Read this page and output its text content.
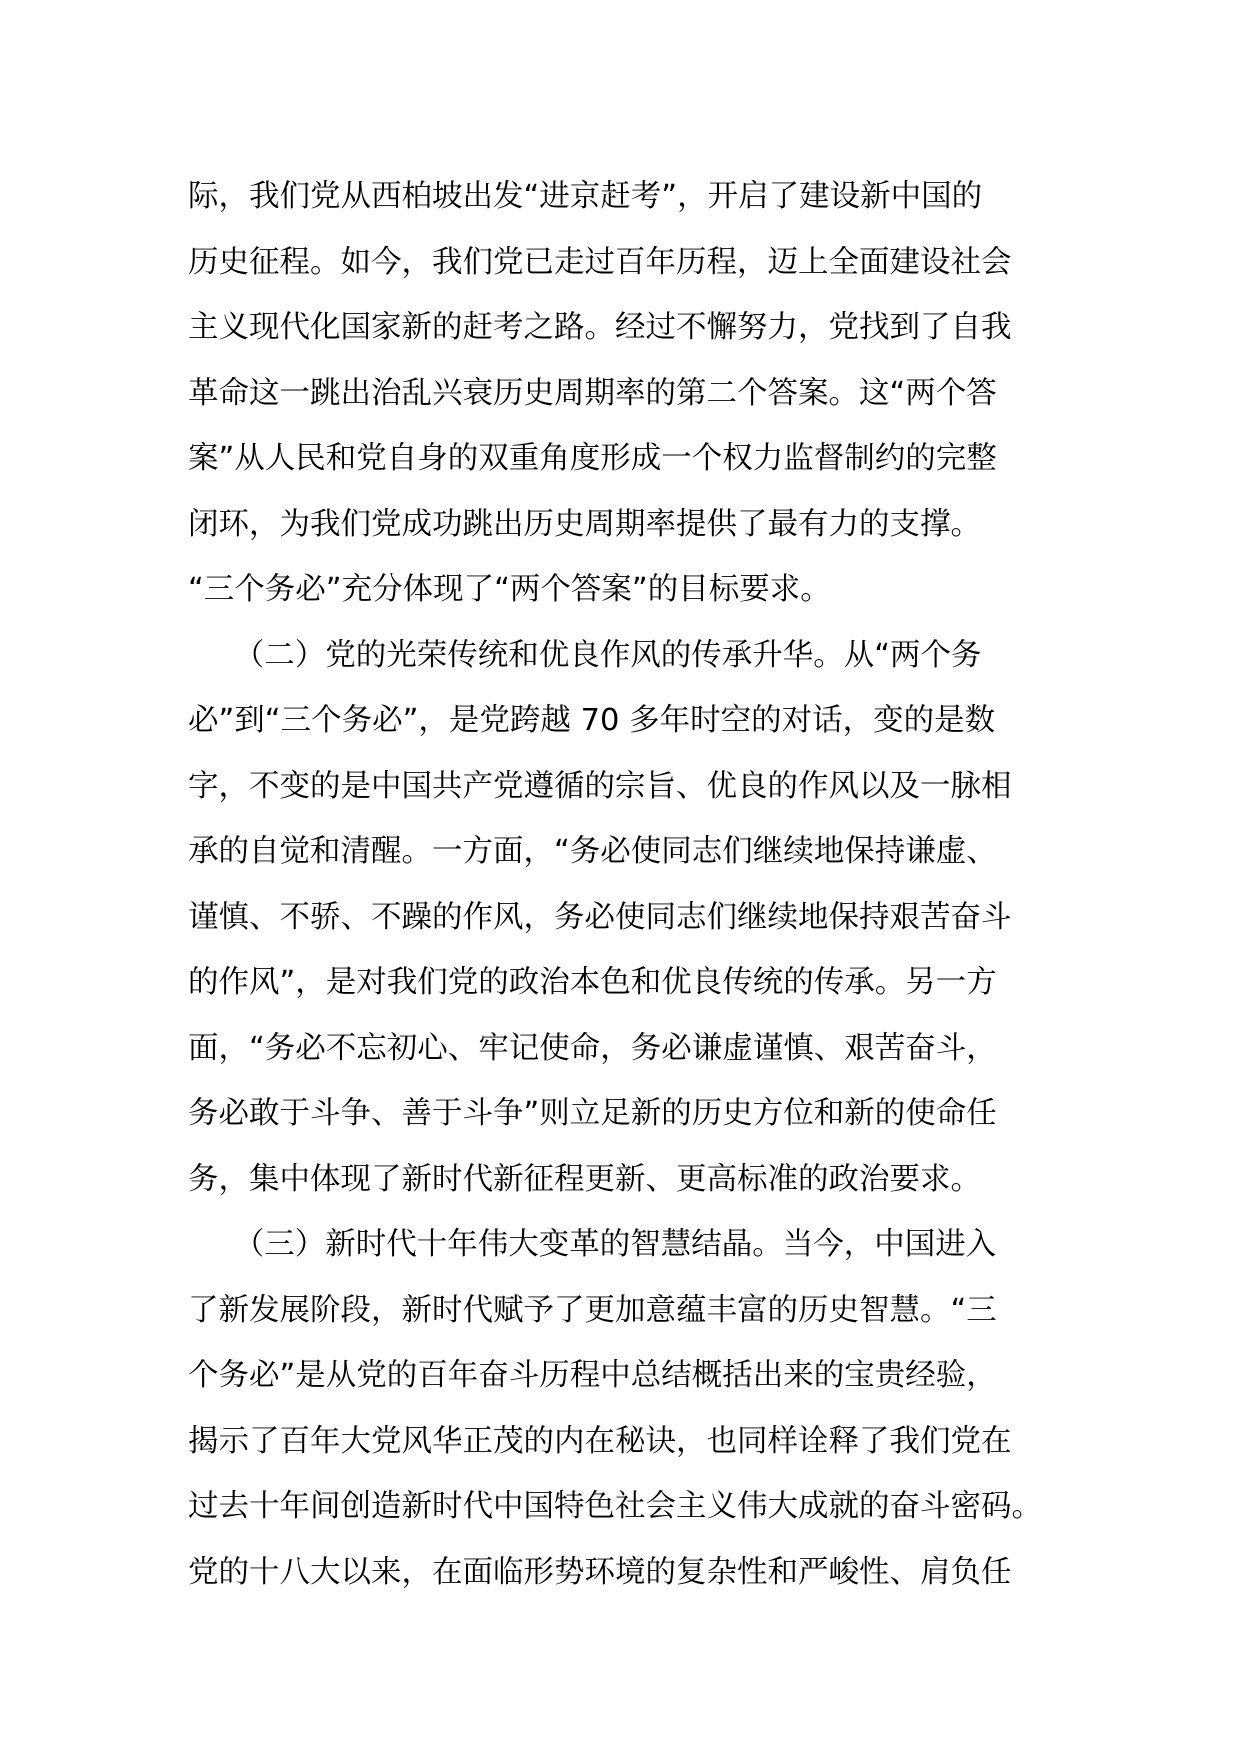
际，我们党从西柏坡出发“进京赶考”，开启了建设新中国的
历史征程。如今，我们党已走过百年历程，迈上全面建设社会
主义现代化国家新的赶考之路。经过不懈努力，党找到了自我
革命这一跳出治乱兴衰历史周期率的第二个答案。这“两个答
案”从人民和党自身的双重角度形成一个权力监督制约的完整
闭环，为我们党成功跳出历史周期率提供了最有力的支撑。
“三个务必”充分体现了“两个答案”的目标要求。
　　（二）党的光荣传统和优良作风的传承升华。从“两个务
必”到“三个务必”，是党跨越 70 多年时空的对话，变的是数
字，不变的是中国共产党遵循的宗旨、优良的作风以及一脉相
承的自觉和清醒。一方面，“务必使同志们继续地保持谦虚、
谨慎、不骄、不躁的作风，务必使同志们继续地保持艰苦奋斗
的作风”，是对我们党的政治本色和优良传统的传承。另一方
面，“务必不忘初心、牢记使命，务必谦虚谨慎、艰苦奋斗，
务必敢于斗争、善于斗争”则立足新的历史方位和新的使命任
务，集中体现了新时代新征程更新、更高标准的政治要求。
　　（三）新时代十年伟大变革的智慧结晶。当今，中国进入
了新发展阶段，新时代赋予了更加意蕴丰富的历史智慧。“三
个务必”是从党的百年奋斗历程中总结概括出来的宝贵经验，
揭示了百年大党风华正茂的内在秘诀，也同样诠释了我们党在
过去十年间创造新时代中国特色社会主义伟大成就的奋斗密码。
党的十八大以来，在面临形势环境的复杂性和严峻性、肩负任
